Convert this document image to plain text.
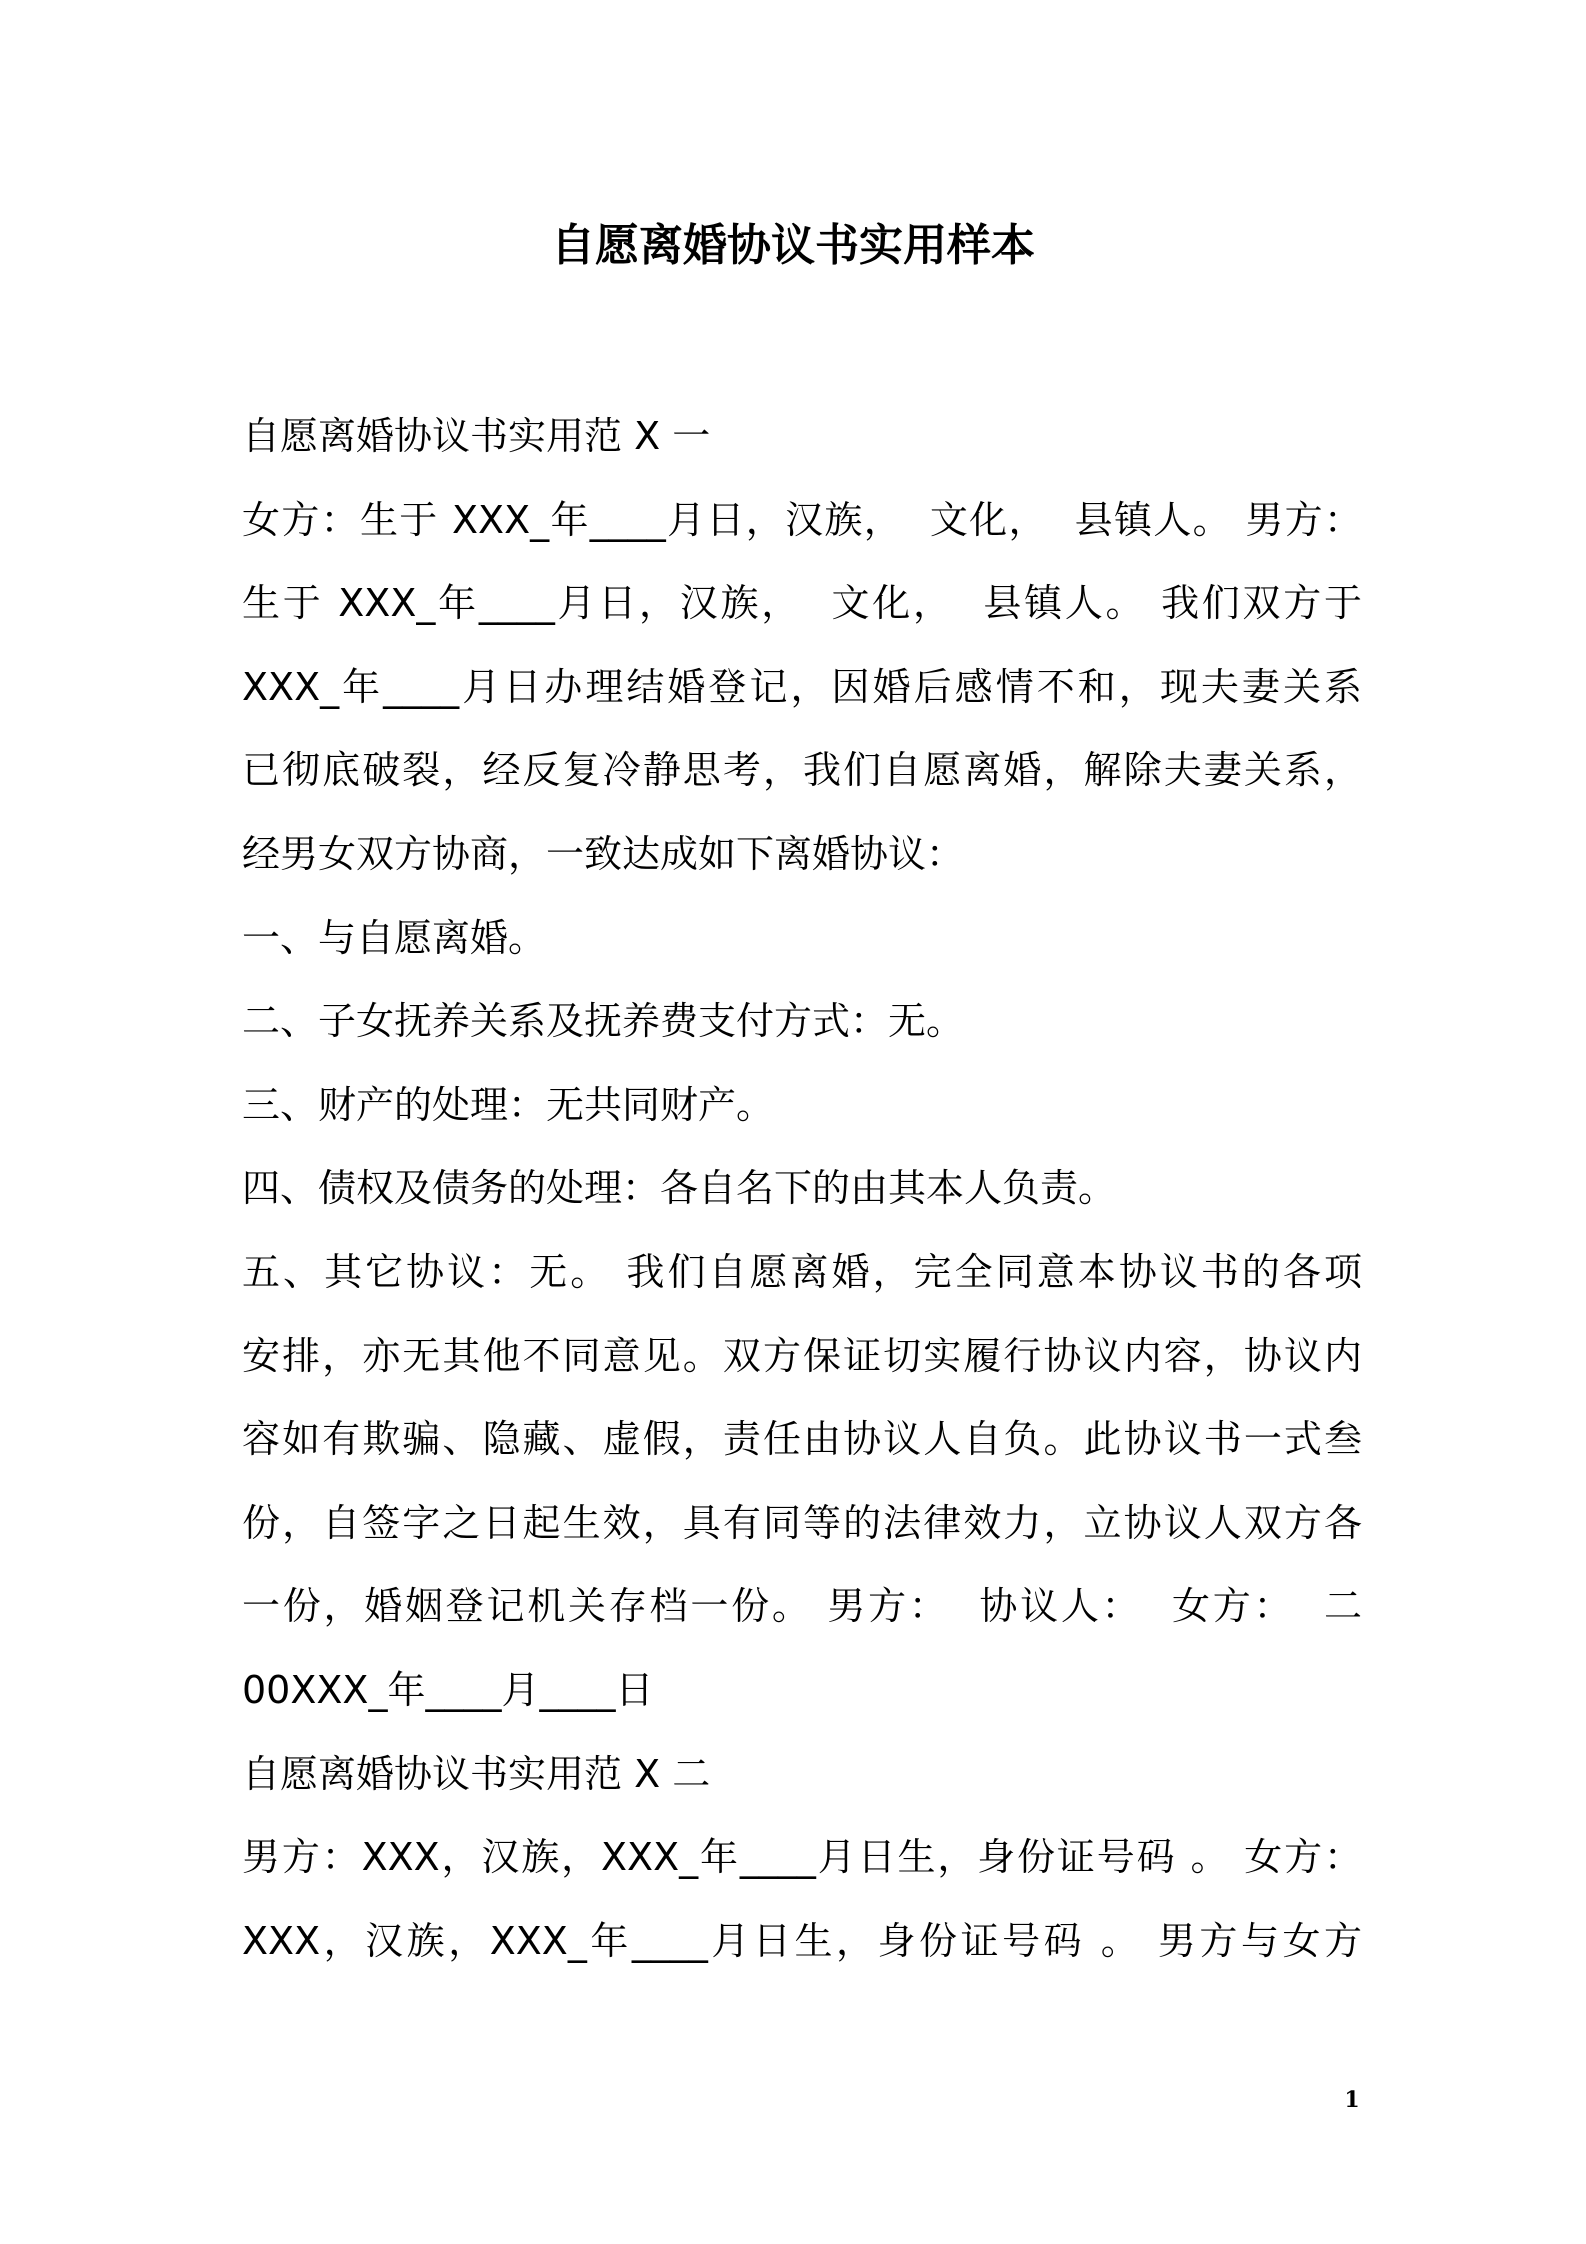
自愿离婚协议书实用样本

自愿离婚协议书实用范 X 一

女方：生于 XXX_年____月日，汉族，  文化，  县镇人。 男方：

生于 XXX_年____月日，汉族，  文化，  县镇人。 我们双方于

XXX_年____月日办理结婚登记，因婚后感情不和，现夫妻关系

已彻底破裂，经反复冷静思考，我们自愿离婚，解除夫妻关系，

经男女双方协商，一致达成如下离婚协议：

一、与自愿离婚。

二、子女抚养关系及抚养费支付方式：无。

三、财产的处理：无共同财产。

四、债权及债务的处理：各自名下的由其本人负责。

五、其它协议：无。 我们自愿离婚，完全同意本协议书的各项

安排，亦无其他不同意见。双方保证切实履行协议内容，协议内

容如有欺骗、隐藏、虚假，责任由协议人自负。此协议书一式叁

份，自签字之日起生效，具有同等的法律效力，立协议人双方各

一份，婚姻登记机关存档一份。 男方：  协议人：  女方：  二

00XXX_年____月____日

自愿离婚协议书实用范 X 二

男方：XXX，汉族，XXX_年____月日生，身份证号码 。 女方：

XXX，汉族，XXX_年____月日生，身份证号码 。 男方与女方

1
